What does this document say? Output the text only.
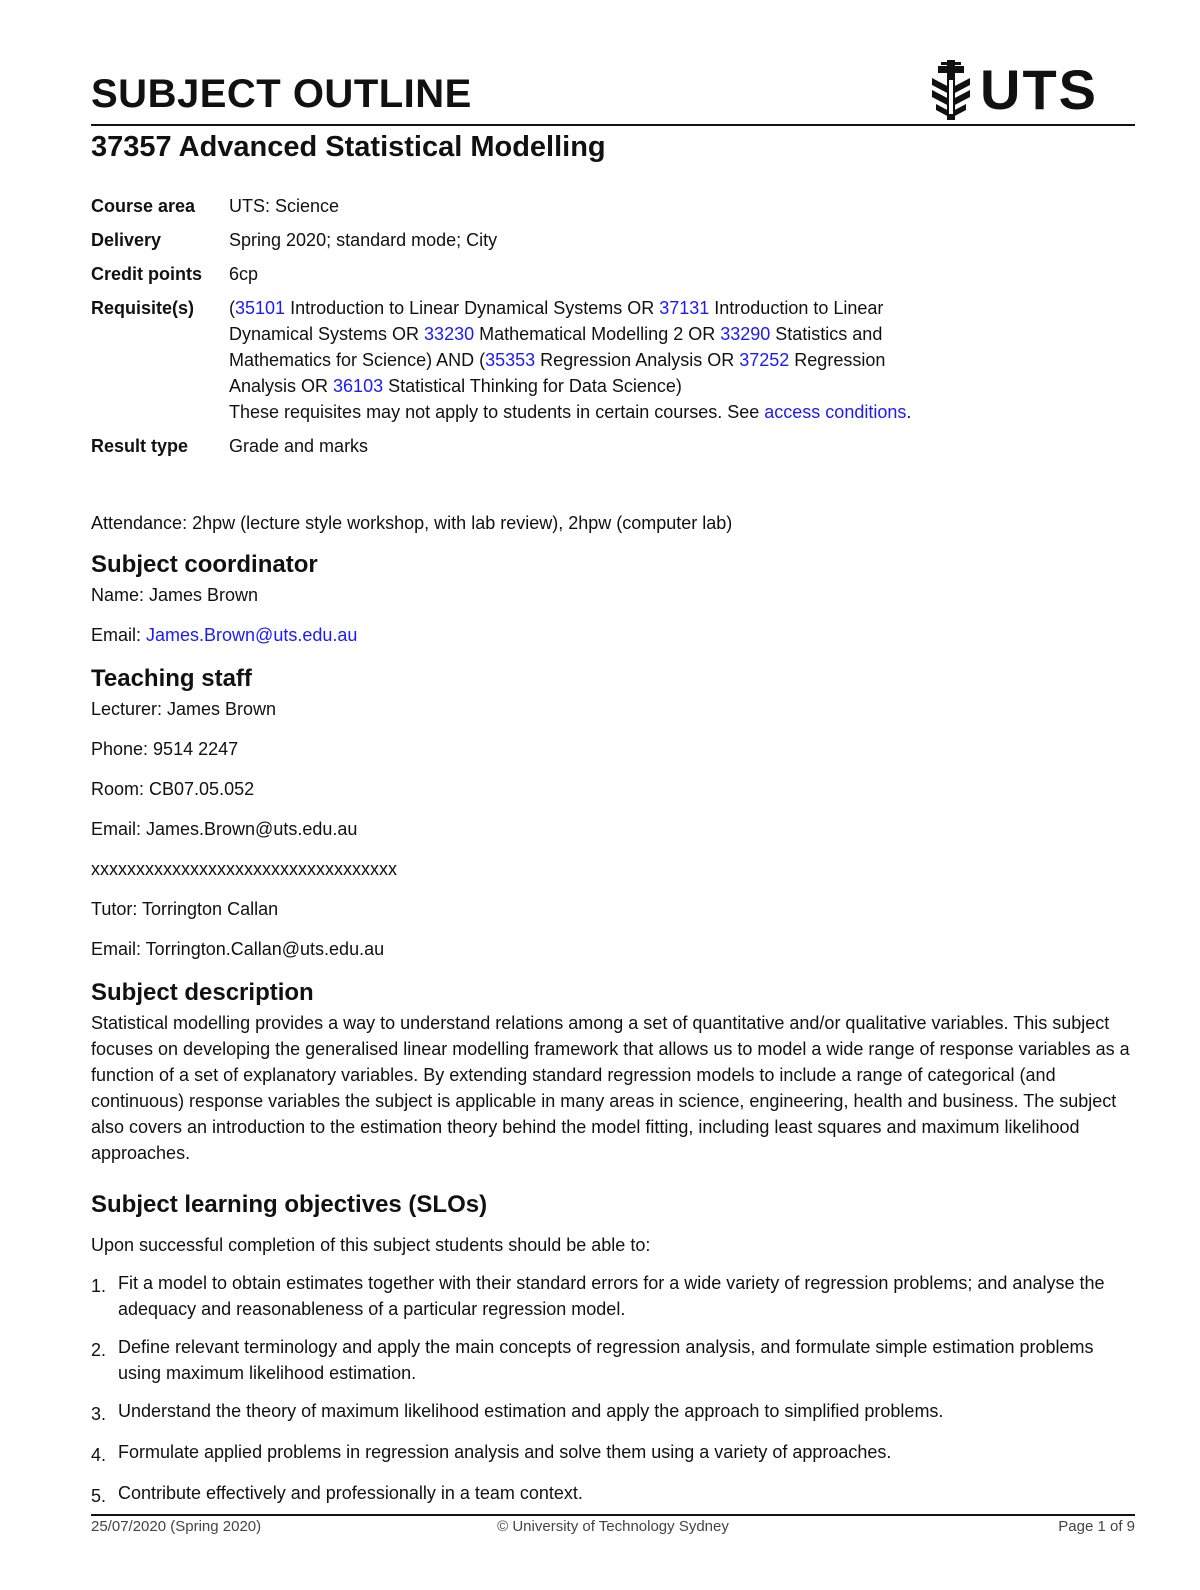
SUBJECT OUTLINE	UTS
37357 Advanced Statistical Modelling
Course area	UTS: Science
Delivery	Spring 2020; standard mode; City
Credit points	6cp
Requisite(s)	(35101 Introduction to Linear Dynamical Systems OR 37131 Introduction to Linear Dynamical Systems OR 33230 Mathematical Modelling 2 OR 33290 Statistics and Mathematics for Science) AND (35353 Regression Analysis OR 37252 Regression Analysis OR 36103 Statistical Thinking for Data Science)
These requisites may not apply to students in certain courses. See access conditions.
Result type	Grade and marks

Attendance: 2hpw (lecture style workshop, with lab review), 2hpw (computer lab)

Subject coordinator

Name: James Brown

Email: James.Brown@uts.edu.au

Teaching staff

Lecturer: James Brown

Phone: 9514 2247

Room: CB07.05.052

Email: James.Brown@uts.edu.au

xxxxxxxxxxxxxxxxxxxxxxxxxxxxxxxxxx

Tutor: Torrington Callan

Email: Torrington.Callan@uts.edu.au

Subject description

Statistical modelling provides a way to understand relations among a set of quantitative and/or qualitative variables. This subject focuses on developing the generalised linear modelling framework that allows us to model a wide range of response variables as a function of a set of explanatory variables. By extending standard regression models to include a range of categorical (and continuous) response variables the subject is applicable in many areas in science, engineering, health and business. The subject also covers an introduction to the estimation theory behind the model fitting, including least squares and maximum likelihood approaches.

Subject learning objectives (SLOs)

Upon successful completion of this subject students should be able to:

1. Fit a model to obtain estimates together with their standard errors for a wide variety of regression problems; and analyse the adequacy and reasonableness of a particular regression model.
2. Define relevant terminology and apply the main concepts of regression analysis, and formulate simple estimation problems using maximum likelihood estimation.
3. Understand the theory of maximum likelihood estimation and apply the approach to simplified problems.
4. Formulate applied problems in regression analysis and solve them using a variety of approaches.
5. Contribute effectively and professionally in a team context.
© University of Technology Sydney
25/07/2020 (Spring 2020)	Page 1 of 9
